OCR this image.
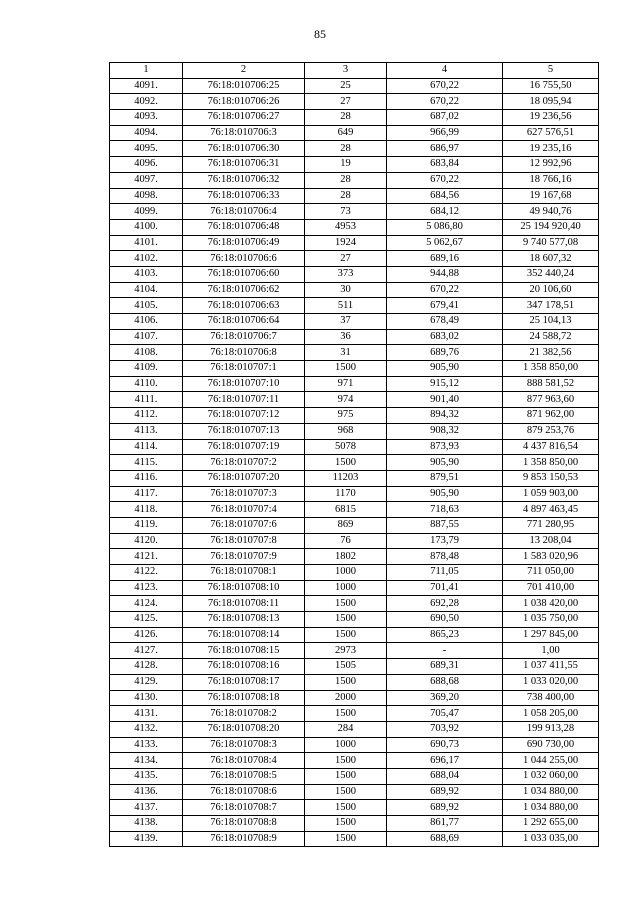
85
1	2	3	4	5
4091.	76:18:010706:25	25	670,22	16 755,50
4092.	76:18:010706:26	27	670,22	18 095,94
4093.	76:18:010706:27	28	687,02	19 236,56
4094.	76:18:010706:3	649	966,99	627 576,51
4095.	76:18:010706:30	28	686,97	19 235,16
4096.	76:18:010706:31	19	683,84	12 992,96
4097.	76:18:010706:32	28	670,22	18 766,16
4098.	76:18:010706:33	28	684,56	19 167,68
4099.	76:18:010706:4	73	684,12	49 940,76
4100.	76:18:010706:48	4953	5 086,80	25 194 920,40
4101.	76:18:010706:49	1924	5 062,67	9 740 577,08
4102.	76:18:010706:6	27	689,16	18 607,32
4103.	76:18:010706:60	373	944,88	352 440,24
4104.	76:18:010706:62	30	670,22	20 106,60
4105.	76:18:010706:63	511	679,41	347 178,51
4106.	76:18:010706:64	37	678,49	25 104,13
4107.	76:18:010706:7	36	683,02	24 588,72
4108.	76:18:010706:8	31	689,76	21 382,56
4109.	76:18:010707:1	1500	905,90	1 358 850,00
4110.	76:18:010707:10	971	915,12	888 581,52
4111.	76:18:010707:11	974	901,40	877 963,60
4112.	76:18:010707:12	975	894,32	871 962,00
4113.	76:18:010707:13	968	908,32	879 253,76
4114.	76:18:010707:19	5078	873,93	4 437 816,54
4115.	76:18:010707:2	1500	905,90	1 358 850,00
4116.	76:18:010707:20	11203	879,51	9 853 150,53
4117.	76:18:010707:3	1170	905,90	1 059 903,00
4118.	76:18:010707:4	6815	718,63	4 897 463,45
4119.	76:18:010707:6	869	887,55	771 280,95
4120.	76:18:010707:8	76	173,79	13 208,04
4121.	76:18:010707:9	1802	878,48	1 583 020,96
4122.	76:18:010708:1	1000	711,05	711 050,00
4123.	76:18:010708:10	1000	701,41	701 410,00
4124.	76:18:010708:11	1500	692,28	1 038 420,00
4125.	76:18:010708:13	1500	690,50	1 035 750,00
4126.	76:18:010708:14	1500	865,23	1 297 845,00
4127.	76:18:010708:15	2973	-	1,00
4128.	76:18:010708:16	1505	689,31	1 037 411,55
4129.	76:18:010708:17	1500	688,68	1 033 020,00
4130.	76:18:010708:18	2000	369,20	738 400,00
4131.	76:18:010708:2	1500	705,47	1 058 205,00
4132.	76:18:010708:20	284	703,92	199 913,28
4133.	76:18:010708:3	1000	690,73	690 730,00
4134.	76:18:010708:4	1500	696,17	1 044 255,00
4135.	76:18:010708:5	1500	688,04	1 032 060,00
4136.	76:18:010708:6	1500	689,92	1 034 880,00
4137.	76:18:010708:7	1500	689,92	1 034 880,00
4138.	76:18:010708:8	1500	861,77	1 292 655,00
4139.	76:18:010708:9	1500	688,69	1 033 035,00
